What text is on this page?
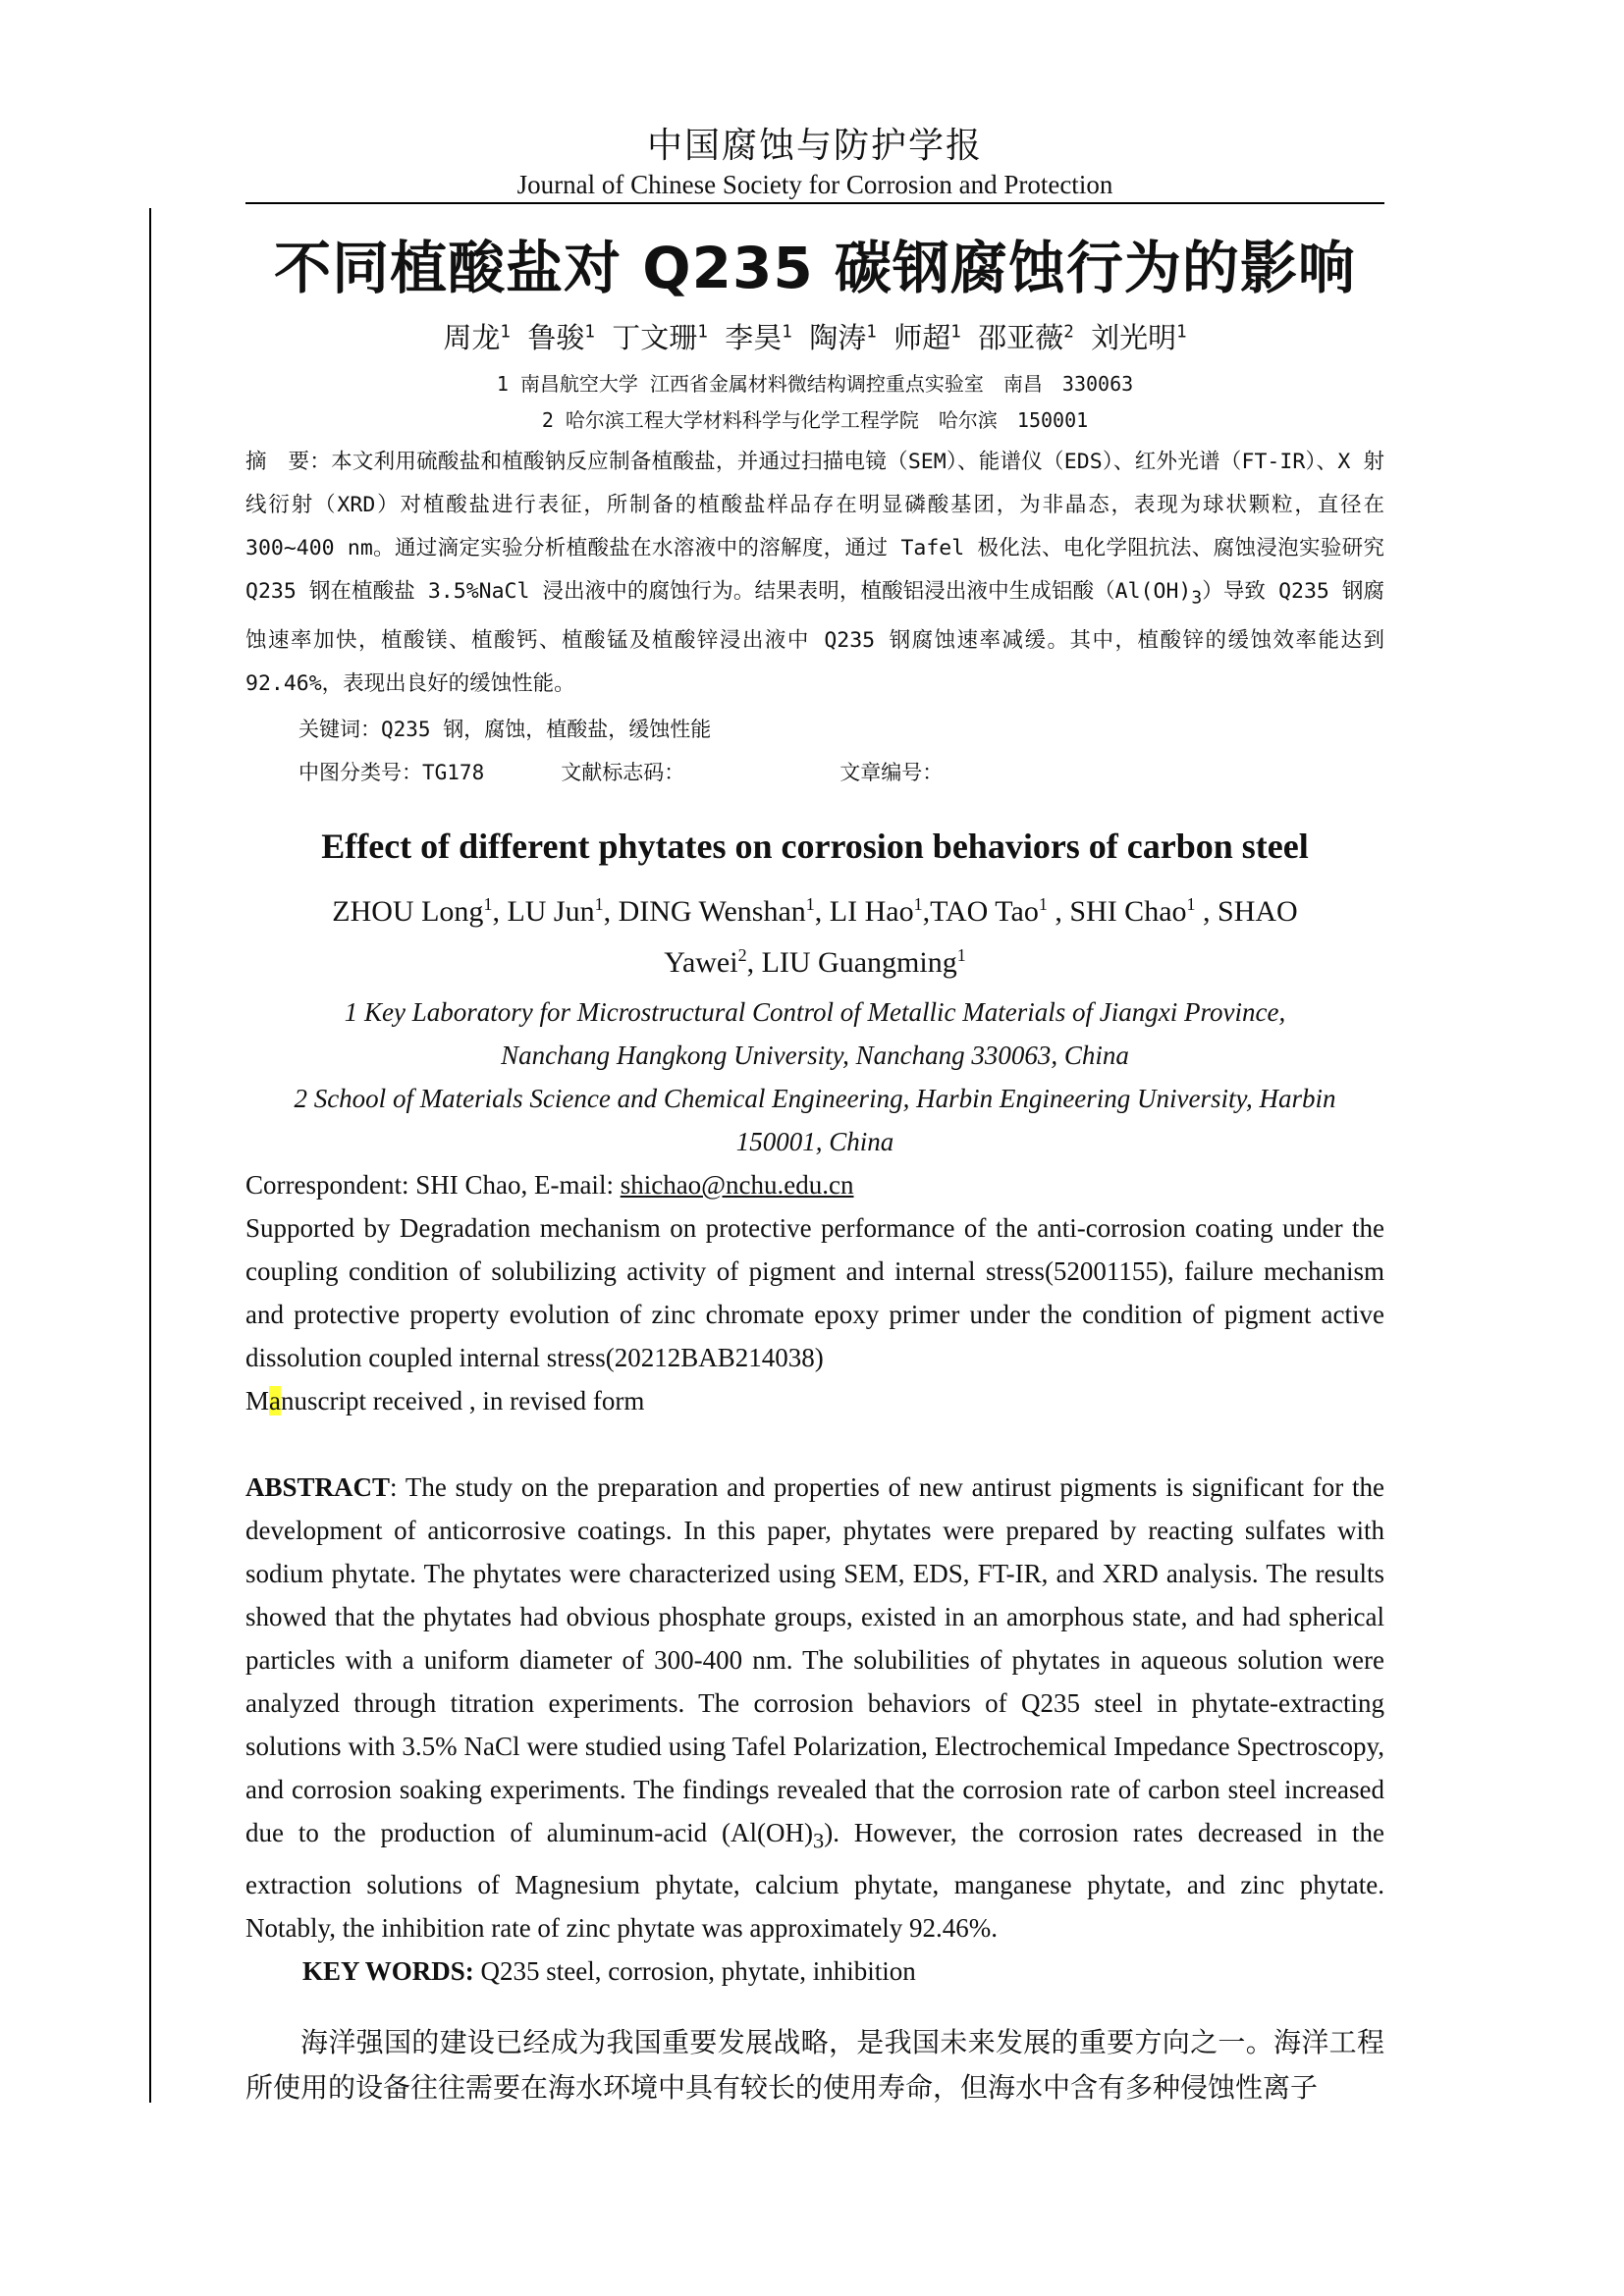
中国腐蚀与防护学报
Journal of Chinese Society for Corrosion and Protection
不同植酸盐对 Q235 碳钢腐蚀行为的影响
周龙$^1$ 鲁骏$^1$ 丁文珊$^1$ 李昊$^1$ 陶涛$^1$ 师超$^1$ 邵亚薇$^2$ 刘光明$^1$
1 南昌航空大学 江西省金属材料微结构调控重点实验室　南昌　330063
2 哈尔滨工程大学材料科学与化学工程学院　哈尔滨　150001
摘　要：本文利用硫酸盐和植酸钠反应制备植酸盐，并通过扫描电镜（SEM）、能谱仪（EDS）、红外光谱（FT-IR）、X 射线衍射（XRD）对植酸盐进行表征，所制备的植酸盐样品存在明显磷酸基团，为非晶态，表现为球状颗粒，直径在 300~400 nm。通过滴定实验分析植酸盐在水溶液中的溶解度，通过 Tafel 极化法、电化学阻抗法、腐蚀浸泡实验研究 Q235 钢在植酸盐 3.5%NaCl 浸出液中的腐蚀行为。结果表明，植酸铝浸出液中生成铝酸$(Al(OH)_3)$导致 Q235 钢腐蚀速率加快，植酸镁、植酸钙、植酸锰及植酸锌浸出液中 Q235 钢腐蚀速率减缓。其中，植酸锌的缓蚀效率能达到 92.46%，表现出良好的缓蚀性能。
关键词：Q235 钢，腐蚀，植酸盐，缓蚀性能
中图分类号：TG178	文献标志码：	文章编号：
Effect of different phytates on corrosion behaviors of carbon steel
ZHOU Long$^1$, LU Jun$^1$, DING Wenshan$^1$, LI Hao$^1$,TAO Tao$^1$ , SHI Chao$^1$ , SHAO
Yawei$^2$, LIU Guangming$^1$
1 Key Laboratory for Microstructural Control of Metallic Materials of Jiangxi Province,
Nanchang Hangkong University, Nanchang 330063, China
2 School of Materials Science and Chemical Engineering, Harbin Engineering University, Harbin
150001, China
Correspondent: SHI Chao, E-mail: shichao@nchu.edu.cn
Supported by Degradation mechanism on protective performance of the anti-corrosion coating under the coupling condition of solubilizing activity of pigment and internal stress(52001155), failure mechanism and protective property evolution of zinc chromate epoxy primer under the condition of pigment active dissolution coupled internal stress(20212BAB214038)
Manuscript received , in revised form
ABSTRACT: The study on the preparation and properties of new antirust pigments is significant for the development of anticorrosive coatings. In this paper, phytates were prepared by reacting sulfates with sodium phytate. The phytates were characterized using SEM, EDS, FT-IR, and XRD analysis. The results showed that the phytates had obvious phosphate groups, existed in an amorphous state, and had spherical particles with a uniform diameter of 300-400 nm. The solubilities of phytates in aqueous solution were analyzed through titration experiments. The corrosion behaviors of Q235 steel in phytate-extracting solutions with 3.5% NaCl were studied using Tafel Polarization, Electrochemical Impedance Spectroscopy, and corrosion soaking experiments. The findings revealed that the corrosion rate of carbon steel increased due to the production of aluminum-acid $(Al(OH)_3)$. However, the corrosion rates decreased in the extraction solutions of Magnesium phytate, calcium phytate, manganese phytate, and zinc phytate. Notably, the inhibition rate of zinc phytate was approximately 92.46%.
KEY WORDS: Q235 steel, corrosion, phytate, inhibition
海洋强国的建设已经成为我国重要发展战略，是我国未来发展的重要方向之一。海洋工程所使用的设备往往需要在海水环境中具有较长的使用寿命，但海水中含有多种侵蚀性离子
